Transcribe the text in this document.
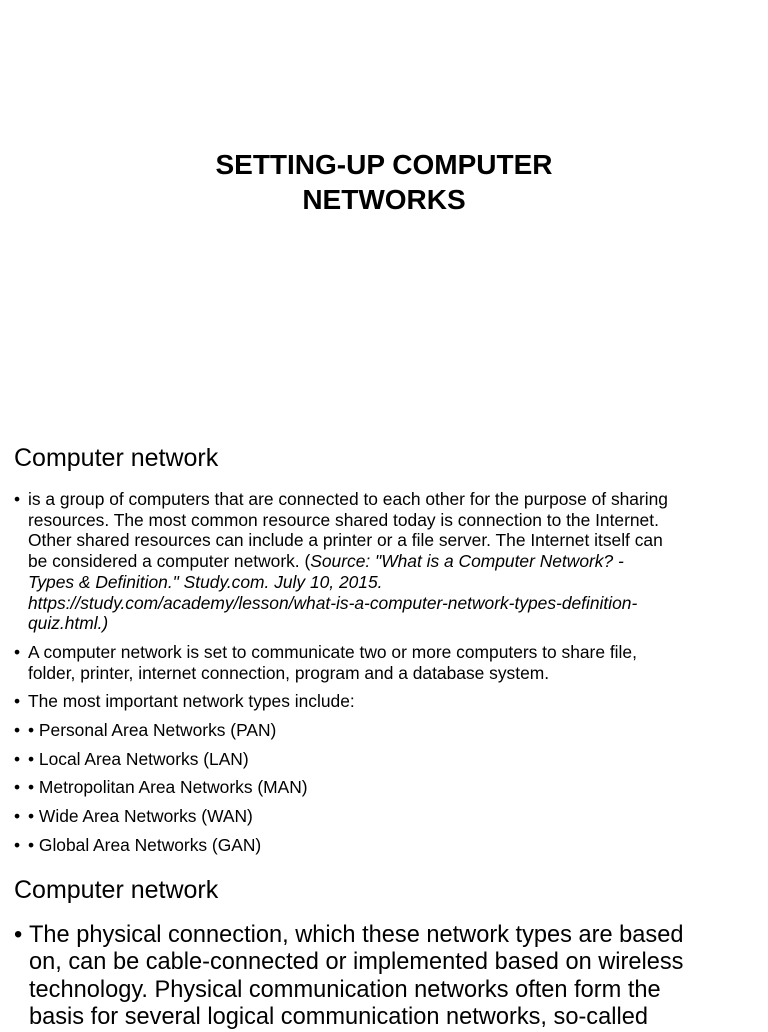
SETTING-UP COMPUTER
NETWORKS
Computer network
• is a group of computers that are connected to each other for the purpose of sharing
resources. The most common resource shared today is connection to the Internet.
Other shared resources can include a printer or a file server. The Internet itself can
be considered a computer network. (Source: "What is a Computer Network? -
Types & Definition." Study.com. July 10, 2015.
https://study.com/academy/lesson/what-is-a-computer-network-types-definition-
quiz.html.)
• A computer network is set to communicate two or more computers to share file,
folder, printer, internet connection, program and a database system.
• The most important network types include:
• • Personal Area Networks (PAN)
• • Local Area Networks (LAN)
• • Metropolitan Area Networks (MAN)
• • Wide Area Networks (WAN)
• • Global Area Networks (GAN)
Computer network
• The physical connection, which these network types are based
on, can be cable-connected or implemented based on wireless
technology. Physical communication networks often form the
basis for several logical communication networks, so-called
